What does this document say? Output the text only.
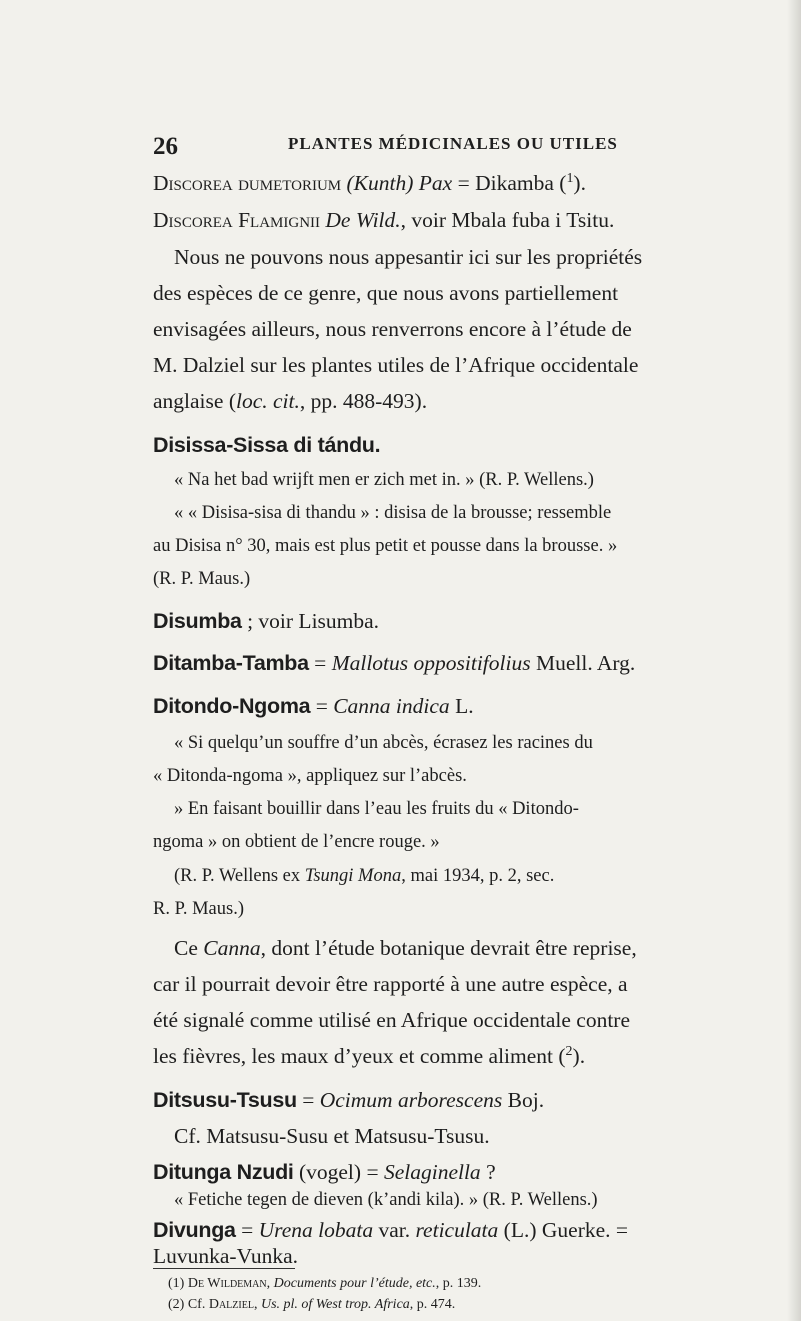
26	PLANTES MÉDICINALES OU UTILES
Discorea dumetorium (Kunth) Pax = Dikamba ($^1$).
Discorea Flamignii De Wild., voir Mbala fuba i Tsitu.
Nous ne pouvons nous appesantir ici sur les propriétés
des espèces de ce genre, que nous avons partiellement
envisagées ailleurs, nous renverrons encore à l’étude de
M. Dalziel sur les plantes utiles de l’Afrique occidentale
anglaise (loc. cit., pp. 488-493).
Disissa-Sissa di tándu.
« Na het bad wrijft men er zich met in. » (R. P. Wellens.)
« « Disisa-sisa di thandu » : disisa de la brousse; ressemble
au Disisa n° 30, mais est plus petit et pousse dans la brousse. »
(R. P. Maus.)
Disumba ; voir Lisumba.
Ditamba-Tamba = Mallotus oppositifolius Muell. Arg.
Ditondo-Ngoma = Canna indica L.
« Si quelqu’un souffre d’un abcès, écrasez les racines du
« Ditonda-ngoma », appliquez sur l’abcès.
» En faisant bouillir dans l’eau les fruits du « Ditondo-
ngoma » on obtient de l’encre rouge. »
(R. P. Wellens ex Tsungi Mona, mai 1934, p. 2, sec.
R. P. Maus.)
Ce Canna, dont l’étude botanique devrait être reprise,
car il pourrait devoir être rapporté à une autre espèce, a
été signalé comme utilisé en Afrique occidentale contre
les fièvres, les maux d’yeux et comme aliment ($^2$).
Ditsusu-Tsusu = Ocimum arborescens Boj.
Cf. Matsusu-Susu et Matsusu-Tsusu.
Ditunga Nzudi (vogel) = Selaginella ?
(1) De Wildeman, Documents pour l’étude, etc., p. 139.
(2) Cf. Dalziel, Us. pl. of West trop. Africa, p. 474.
« Fetiche tegen de dieven (k’andi kila). » (R. P. Wellens.)
Divunga = Urena lobata var. reticulata (L.) Guerke. =
Luvunka-Vunka.
